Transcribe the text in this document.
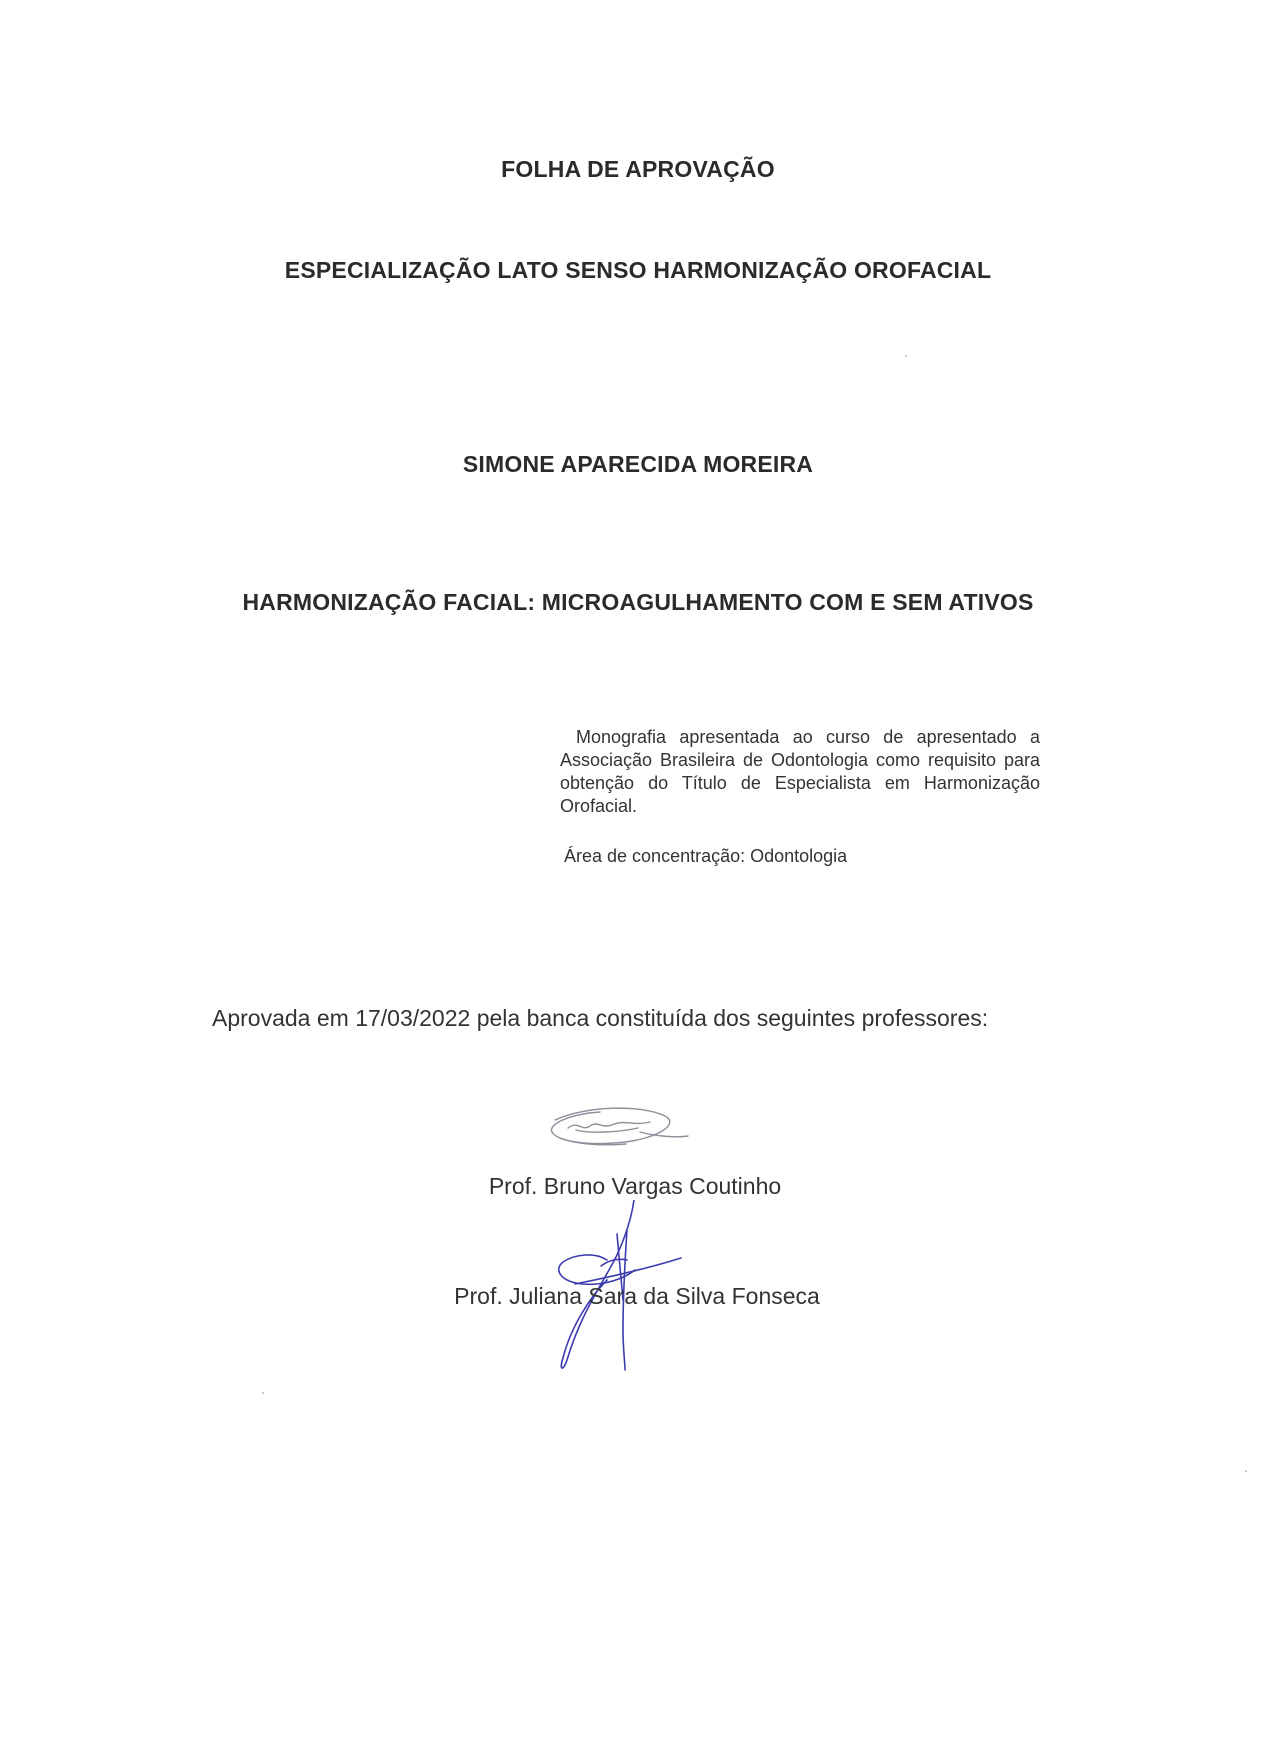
FOLHA DE APROVAÇÃO
ESPECIALIZAÇÃO LATO SENSO HARMONIZAÇÃO OROFACIAL
SIMONE APARECIDA MOREIRA
HARMONIZAÇÃO FACIAL: MICROAGULHAMENTO COM E SEM ATIVOS

Monografia apresentada ao curso de apresentado a Associação Brasileira de Odontologia como requisito para obtenção do Título de Especialista em Harmonização Orofacial.

Área de concentração: Odontologia
Aprovada em 17/03/2022 pela banca constituída dos seguintes professores:
Prof. Bruno Vargas Coutinho
Prof. Juliana Sara da Silva Fonseca
